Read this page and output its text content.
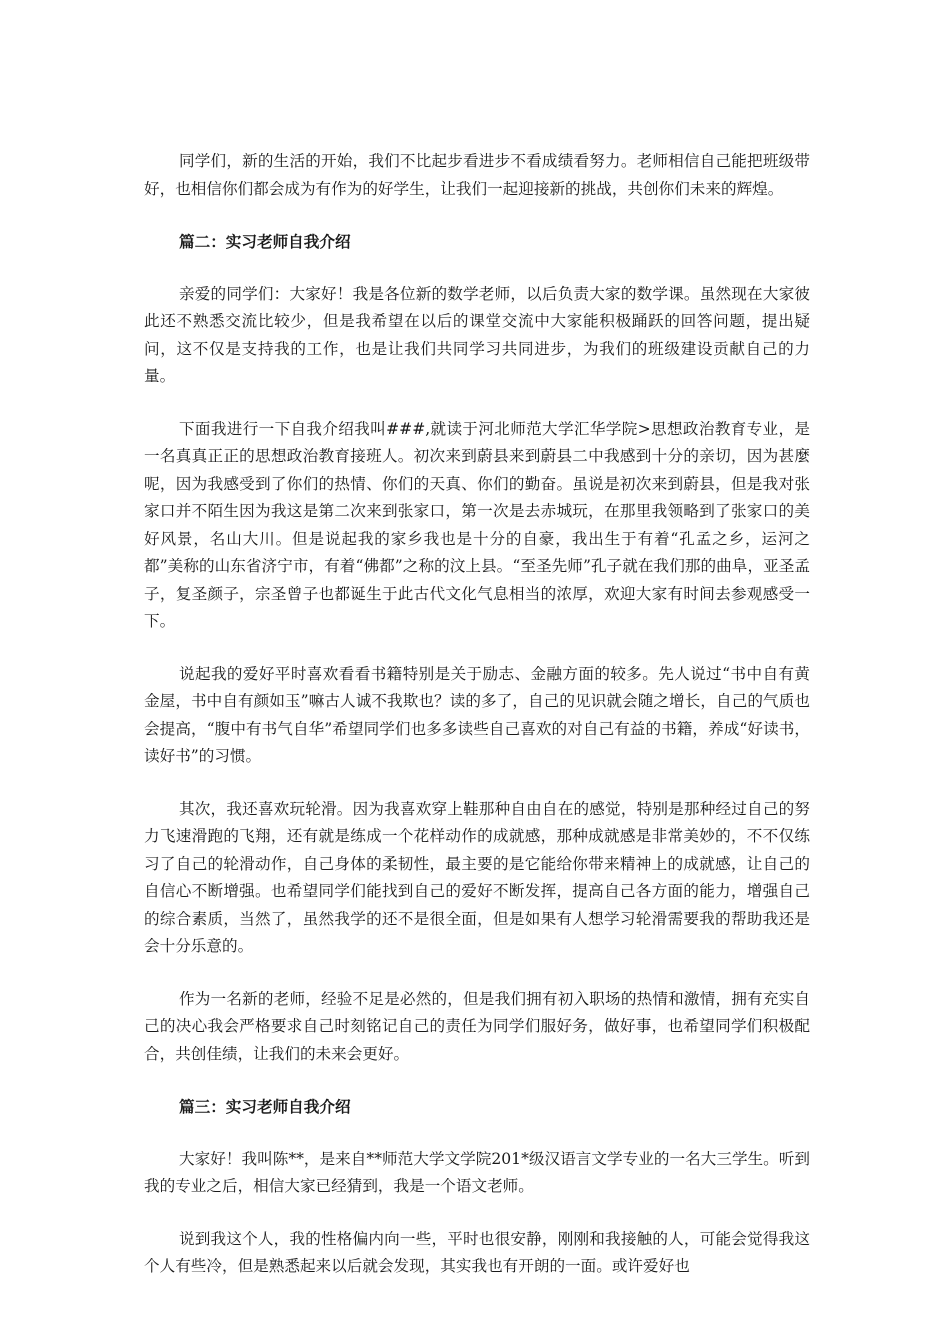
同学们，新的生活的开始，我们不比起步看进步不看成绩看努力。老师相信自己能把班级带好，也相信你们都会成为有作为的好学生，让我们一起迎接新的挑战，共创你们未来的辉煌。

篇二：实习老师自我介绍

亲爱的同学们：大家好！我是各位新的数学老师，以后负责大家的数学课。虽然现在大家彼此还不熟悉交流比较少，但是我希望在以后的课堂交流中大家能积极踊跃的回答问题，提出疑问，这不仅是支持我的工作，也是让我们共同学习共同进步，为我们的班级建设贡献自己的力量。

下面我进行一下自我介绍我叫###,就读于河北师范大学汇华学院>思想政治教育专业，是一名真真正正的思想政治教育接班人。初次来到蔚县来到蔚县二中我感到十分的亲切，因为甚麼呢，因为我感受到了你们的热情、你们的天真、你们的勤奋。虽说是初次来到蔚县，但是我对张家口并不陌生因为我这是第二次来到张家口，第一次是去赤城玩，在那里我领略到了张家口的美好风景，名山大川。但是说起我的家乡我也是十分的自豪，我出生于有着“孔孟之乡，运河之都”美称的山东省济宁市，有着“佛都”之称的汶上县。“至圣先师”孔子就在我们那的曲阜，亚圣孟子，复圣颜子，宗圣曾子也都诞生于此古代文化气息相当的浓厚，欢迎大家有时间去参观感受一下。

说起我的爱好平时喜欢看看书籍特别是关于励志、金融方面的较多。先人说过“书中自有黄金屋，书中自有颜如玉”嘛古人诚不我欺也？读的多了，自己的见识就会随之增长，自己的气质也会提高，“腹中有书气自华”希望同学们也多多读些自己喜欢的对自己有益的书籍，养成“好读书，读好书”的习惯。

其次，我还喜欢玩轮滑。因为我喜欢穿上鞋那种自由自在的感觉，特别是那种经过自己的努力飞速滑跑的飞翔，还有就是练成一个花样动作的成就感，那种成就感是非常美妙的，不不仅练习了自己的轮滑动作，自己身体的柔韧性，最主要的是它能给你带来精神上的成就感，让自己的自信心不断增强。也希望同学们能找到自己的爱好不断发挥，提高自己各方面的能力，增强自己的综合素质，当然了，虽然我学的还不是很全面，但是如果有人想学习轮滑需要我的帮助我还是会十分乐意的。

作为一名新的老师，经验不足是必然的，但是我们拥有初入职场的热情和激情，拥有充实自己的决心我会严格要求自己时刻铭记自己的责任为同学们服好务，做好事，也希望同学们积极配合，共创佳绩，让我们的未来会更好。

篇三：实习老师自我介绍

大家好！我叫陈**，是来自**师范大学文学院201*级汉语言文学专业的一名大三学生。听到我的专业之后，相信大家已经猜到，我是一个语文老师。

说到我这个人，我的性格偏内向一些，平时也很安静，刚刚和我接触的人，可能会觉得我这个人有些冷，但是熟悉起来以后就会发现，其实我也有开朗的一面。或许爱好也
